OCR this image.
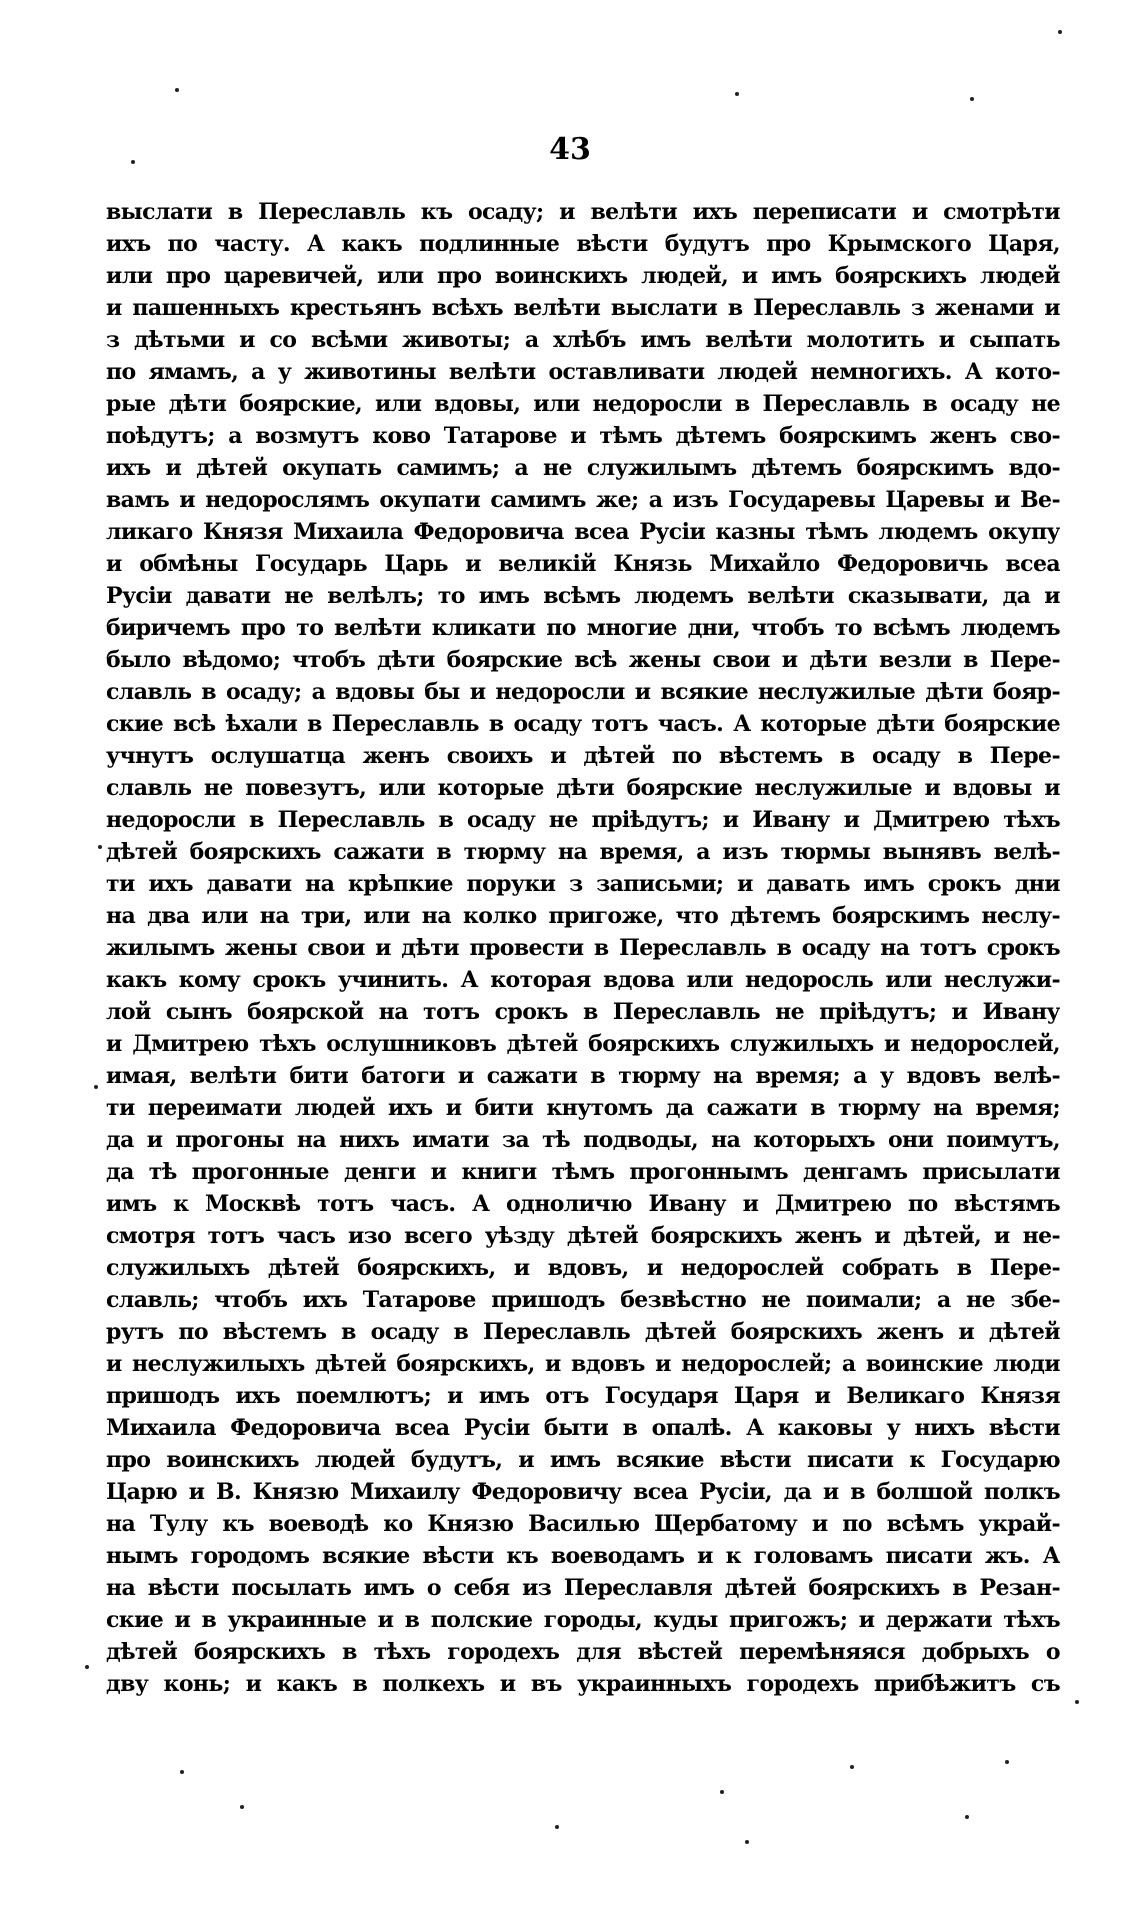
43
выслати в Переславль къ осаду; и велѣти ихъ переписати и смотрѣти
ихъ по часту. А какъ подлинные вѣсти будутъ про Крымского Царя,
или про царевичей, или про воинскихъ людей, и имъ боярскихъ людей
и пашенныхъ крестьянъ всѣхъ велѣти выслати в Переславль з женами и
з дѣтьми и со всѣми животы; а хлѣбъ имъ велѣти молотить и сыпать
по ямамъ, а у животины велѣти оставливати людей немногихъ. А кото-
рые дѣти боярские, или вдовы, или недоросли в Переславль в осаду не
поѣдутъ; а возмутъ ково Татарове и тѣмъ дѣтемъ боярскимъ женъ сво-
ихъ и дѣтей окупать самимъ; а не служилымъ дѣтемъ боярскимъ вдо-
вамъ и недорослямъ окупати самимъ же; а изъ Государевы Царевы и Ве-
ликаго Князя Михаила Федоровича всеа Русіи казны тѣмъ людемъ окупу
и обмѣны Государь Царь и великій Князь Михайло Федоровичь всеа
Русіи давати не велѣлъ; то имъ всѣмъ людемъ велѣти сказывати, да и
биричемъ про то велѣти кликати по многие дни, чтобъ то всѣмъ людемъ
было вѣдомо; чтобъ дѣти боярские всѣ жены свои и дѣти везли в Пере-
славль в осаду; а вдовы бы и недоросли и всякие неслужилые дѣти бояр-
ские всѣ ѣхали в Переславль в осаду тотъ часъ. А которые дѣти боярские
учнутъ ослушатца женъ своихъ и дѣтей по вѣстемъ в осаду в Пере-
славль не повезутъ, или которые дѣти боярские неслужилые и вдовы и
недоросли в Переславль в осаду не пріѣдутъ; и Ивану и Дмитрею тѣхъ
дѣтей боярскихъ сажати в тюрму на время, а изъ тюрмы вынявъ велѣ-
ти ихъ давати на крѣпкие поруки з записьми; и давать имъ срокъ дни
на два или на три, или на колко пригоже, что дѣтемъ боярскимъ неслу-
жилымъ жены свои и дѣти провести в Переславль в осаду на тотъ срокъ
какъ кому срокъ учинить. А которая вдова или недоросль или неслужи-
лой сынъ боярской на тотъ срокъ в Переславль не пріѣдутъ; и Ивану
и Дмитрею тѣхъ ослушниковъ дѣтей боярскихъ служилыхъ и недорослей,
имая, велѣти бити батоги и сажати в тюрму на время; а у вдовъ велѣ-
ти переимати людей ихъ и бити кнутомъ да сажати в тюрму на время;
да и прогоны на нихъ имати за тѣ подводы, на которыхъ они поимутъ,
да тѣ прогонные денги и книги тѣмъ прогоннымъ денгамъ присылати
имъ к Москвѣ тотъ часъ. А одноличю Ивану и Дмитрею по вѣстямъ
смотря тотъ часъ изо всего уѣзду дѣтей боярскихъ женъ и дѣтей, и не-
служилыхъ дѣтей боярскихъ, и вдовъ, и недорослей собрать в Пере-
славль; чтобъ ихъ Татарове пришодъ безвѣстно не поимали; а не збе-
рутъ по вѣстемъ в осаду в Переславль дѣтей боярскихъ женъ и дѣтей
и неслужилыхъ дѣтей боярскихъ, и вдовъ и недорослей; а воинские люди
пришодъ ихъ поемлютъ; и имъ отъ Государя Царя и Великаго Князя
Михаила Федоровича всеа Русіи быти в опалѣ. А каковы у нихъ вѣсти
про воинскихъ людей будутъ, и имъ всякие вѣсти писати к Государю
Царю и В. Князю Михаилу Федоровичу всеа Русіи, да и в болшой полкъ
на Тулу къ воеводѣ ко Князю Василью Щербатому и по всѣмъ украй-
нымъ городомъ всякие вѣсти къ воеводамъ и к головамъ писати жъ. А
на вѣсти посылать имъ о себя из Переславля дѣтей боярскихъ в Резан-
ские и в украинные и в полские городы, куды пригожъ; и держати тѣхъ
дѣтей боярскихъ в тѣхъ городехъ для вѣстей перемѣняяся добрыхъ о
дву конь; и какъ в полкехъ и въ украинныхъ городехъ прибѣжитъ съ
